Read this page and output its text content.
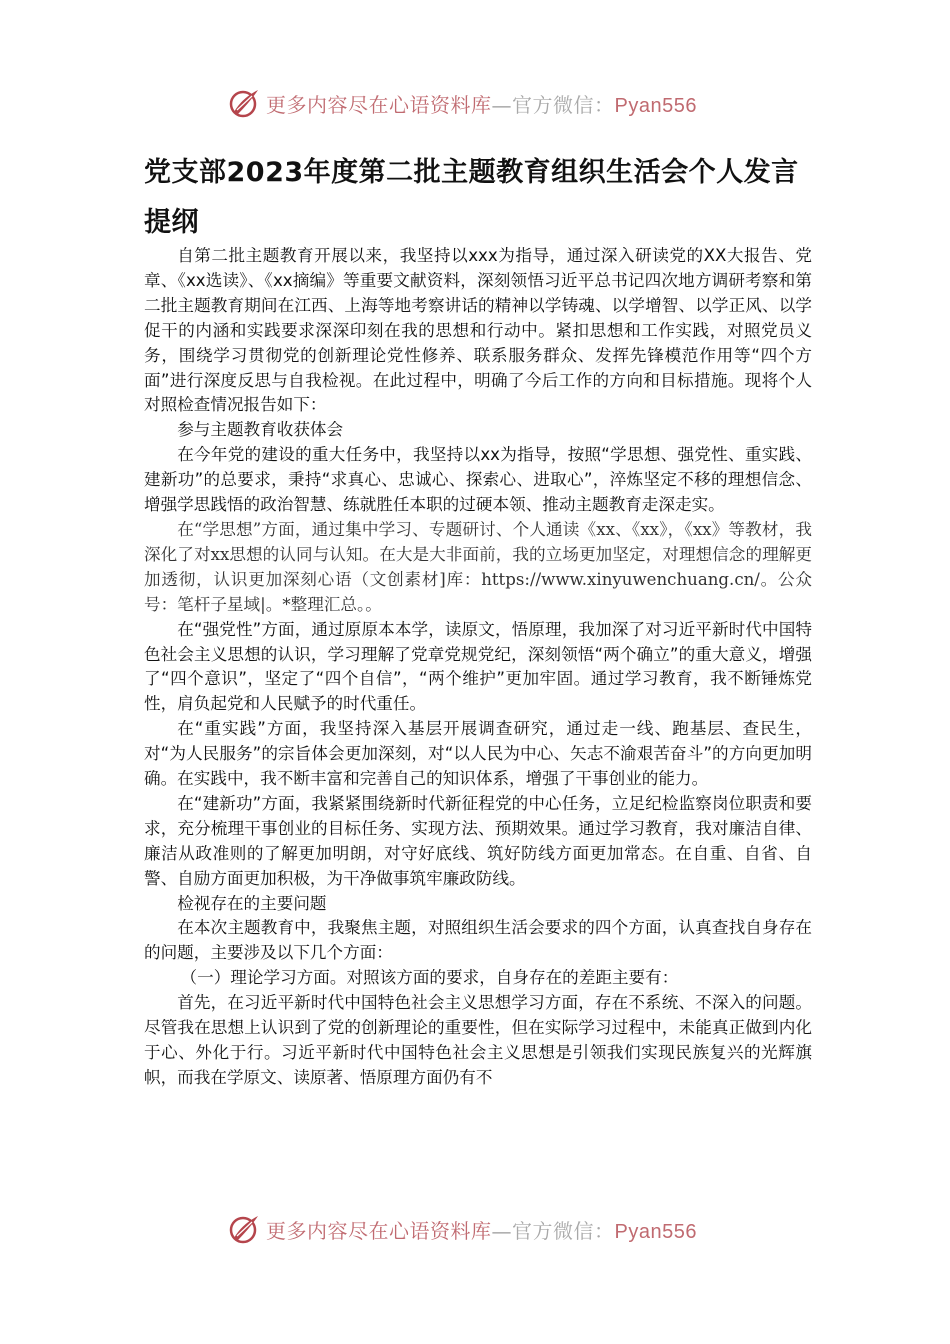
更多内容尽在心语资料库—官方微信：Pyan556
党支部2023年度第二批主题教育组织生活会个人发言提纲

自第二批主题教育开展以来，我坚持以xxx为指导，通过深入研读党的XX大报告、党章、《xx选读》、《xx摘编》等重要文献资料，深刻领悟习近平总书记四次地方调研考察和第二批主题教育期间在江西、上海等地考察讲话的精神以学铸魂、以学增智、以学正风、以学促干的内涵和实践要求深深印刻在我的思想和行动中。紧扣思想和工作实践，对照党员义务，围绕学习贯彻党的创新理论党性修养、联系服务群众、发挥先锋模范作用等“四个方面”进行深度反思与自我检视。在此过程中，明确了今后工作的方向和目标措施。现将个人对照检查情况报告如下：

参与主题教育收获体会

在今年党的建设的重大任务中，我坚持以xx为指导，按照“学思想、强党性、重实践、建新功”的总要求，秉持“求真心、忠诚心、探索心、进取心”，淬炼坚定不移的理想信念、增强学思践悟的政治智慧、练就胜任本职的过硬本领、推动主题教育走深走实。

在“学思想”方面，通过集中学习、专题研讨、个人通读《xx、《xx》，《xx》等教材，我深化了对xx思想的认同与认知。在大是大非面前，我的立场更加坚定，对理想信念的理解更加透彻，认识更加深刻心语（文创素材]库：https://www.xinyuwenchuang.cn/。公众号：笔杆子星域|。*整理汇总。。

在“强党性”方面，通过原原本本学，读原文，悟原理，我加深了对习近平新时代中国特色社会主义思想的认识，学习理解了党章党规党纪，深刻领悟“两个确立”的重大意义，增强了“四个意识”，坚定了“四个自信”，“两个维护”更加牢固。通过学习教育，我不断锤炼党性，肩负起党和人民赋予的时代重任。

在“重实践”方面，我坚持深入基层开展调查研究，通过走一线、跑基层、查民生，对“为人民服务”的宗旨体会更加深刻，对“以人民为中心、矢志不渝艰苦奋斗”的方向更加明确。在实践中，我不断丰富和完善自己的知识体系，增强了干事创业的能力。

在“建新功”方面，我紧紧围绕新时代新征程党的中心任务，立足纪检监察岗位职责和要求，充分梳理干事创业的目标任务、实现方法、预期效果。通过学习教育，我对廉洁自律、廉洁从政准则的了解更加明朗，对守好底线、筑好防线方面更加常态。在自重、自省、自警、自励方面更加积极，为干净做事筑牢廉政防线。

检视存在的主要问题

在本次主题教育中，我聚焦主题，对照组织生活会要求的四个方面，认真查找自身存在的问题，主要涉及以下几个方面：

（一）理论学习方面。对照该方面的要求，自身存在的差距主要有：

首先，在习近平新时代中国特色社会主义思想学习方面，存在不系统、不深入的问题。尽管我在思想上认识到了党的创新理论的重要性，但在实际学习过程中，未能真正做到内化于心、外化于行。习近平新时代中国特色社会主义思想是引领我们实现民族复兴的光辉旗帜，而我在学原文、读原著、悟原理方面仍有不

更多内容尽在心语资料库—官方微信：Pyan556
